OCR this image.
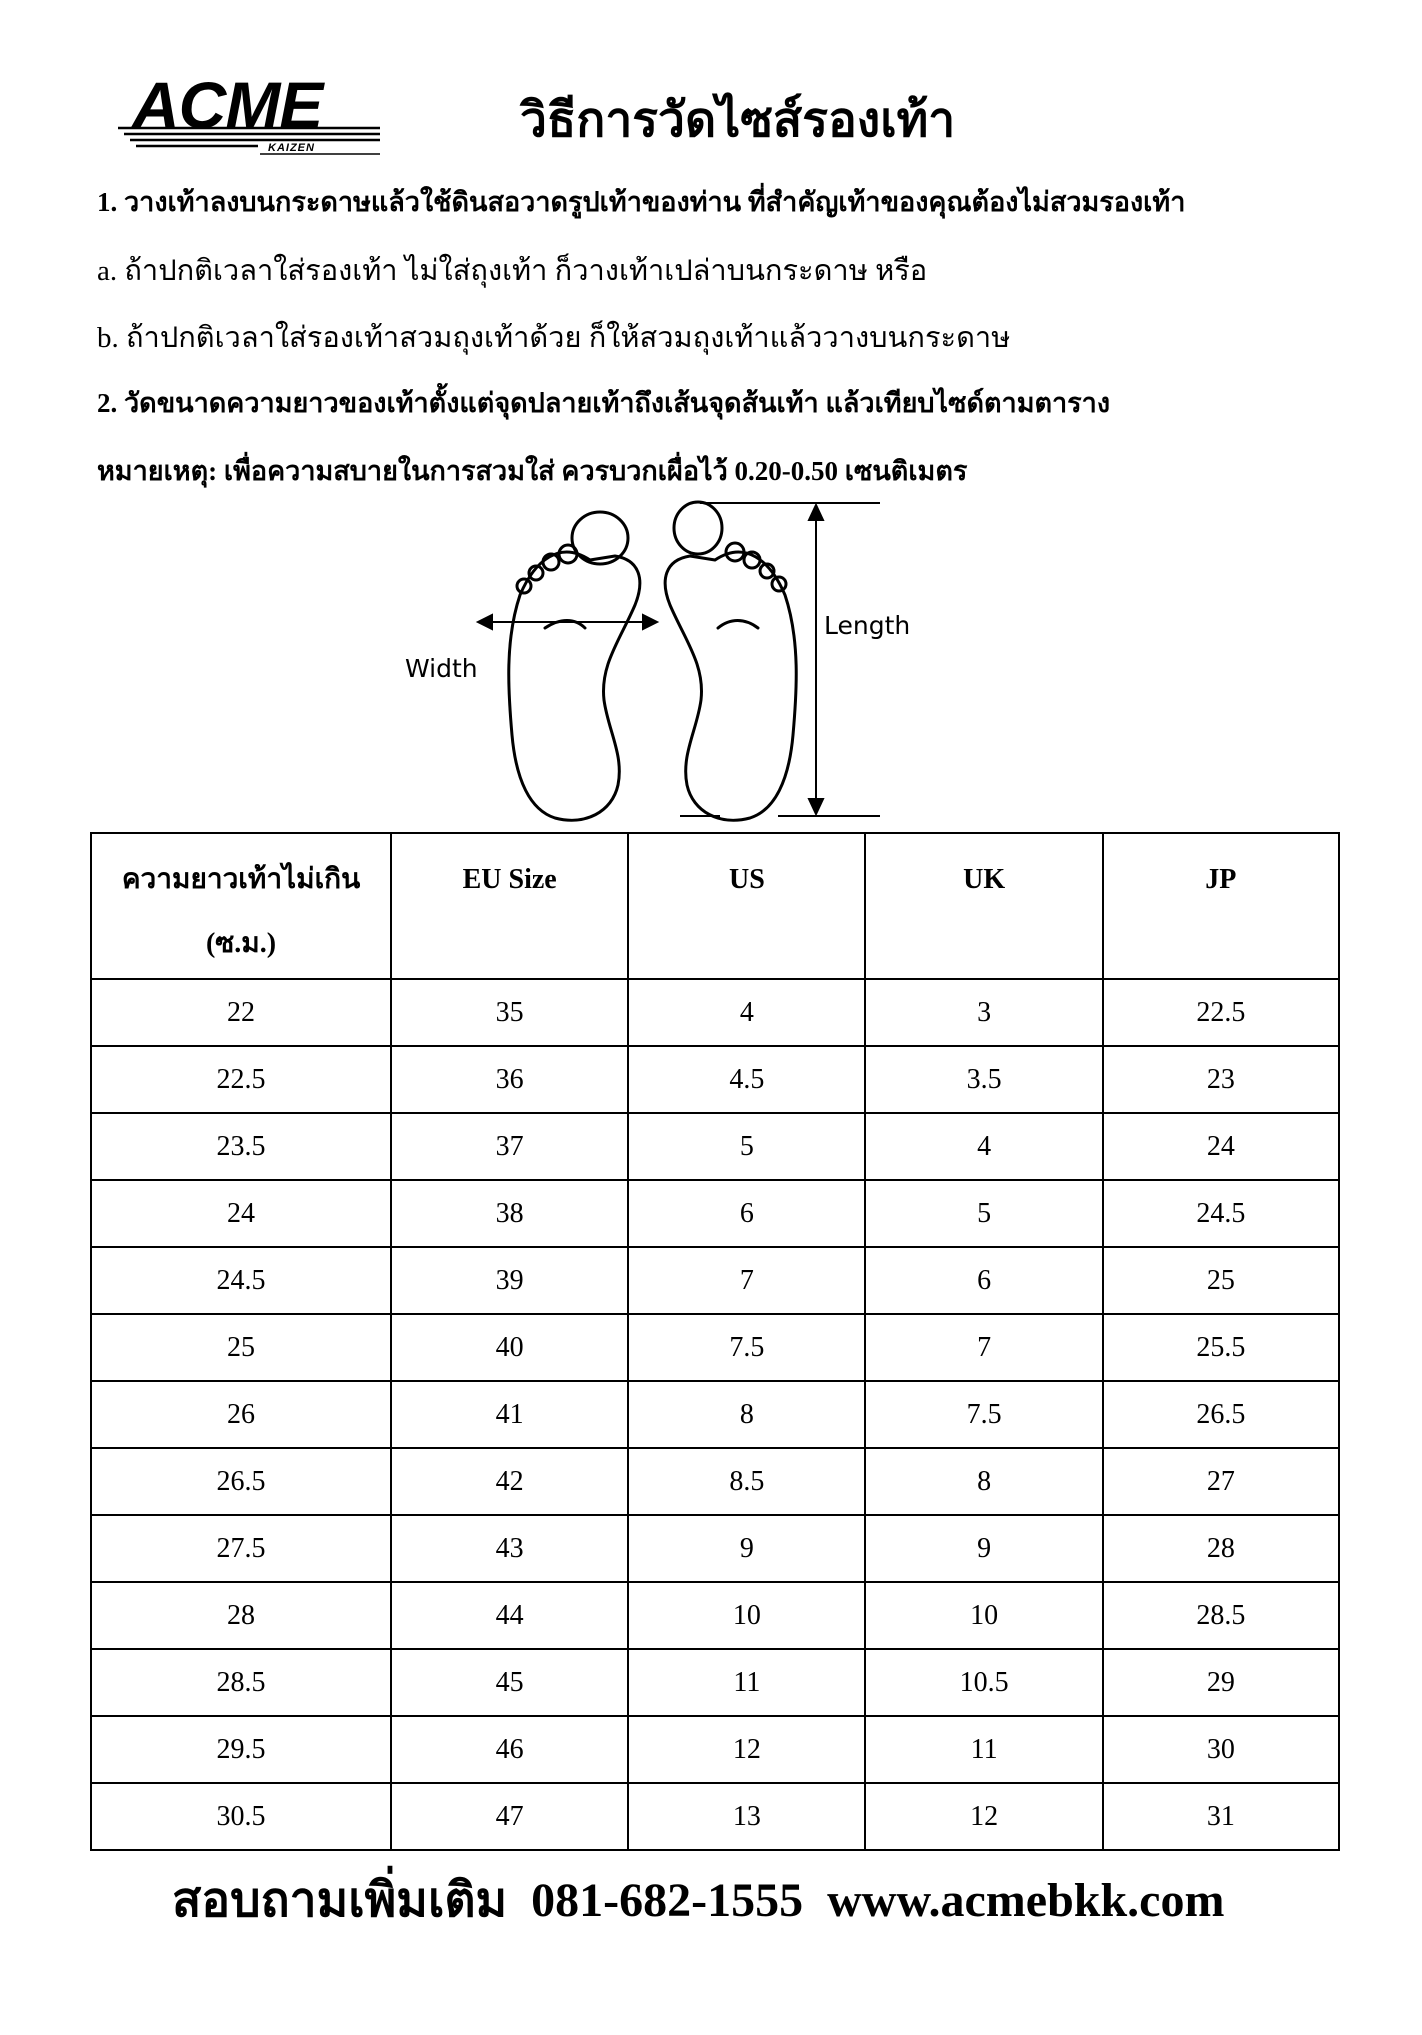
ACME
KAIZEN
วิธีการวัดไซส์รองเท้า
1. วางเท้าลงบนกระดาษแล้วใช้ดินสอวาดรูปเท้าของท่าน ที่สำคัญเท้าของคุณต้องไม่สวมรองเท้า
a. ถ้าปกติเวลาใส่รองเท้า ไม่ใส่ถุงเท้า ก็วางเท้าเปล่าบนกระดาษ หรือ
b. ถ้าปกติเวลาใส่รองเท้าสวมถุงเท้าด้วย ก็ให้สวมถุงเท้าแล้ววางบนกระดาษ
2. วัดขนาดความยาวของเท้าตั้งแต่จุดปลายเท้าถึงเส้นจุดส้นเท้า แล้วเทียบไซด์ตามตาราง
หมายเหตุ: เพื่อความสบายในการสวมใส่ ควรบวกเผื่อไว้ 0.20-0.50 เซนติเมตร
Width
Length
ความยาวเท้าไม่เกิน
(ซ.ม.)	EU Size	US	UK	JP
22	35	4	3	22.5
22.5	36	4.5	3.5	23
23.5	37	5	4	24
24	38	6	5	24.5
24.5	39	7	6	25
25	40	7.5	7	25.5
26	41	8	7.5	26.5
26.5	42	8.5	8	27
27.5	43	9	9	28
28	44	10	10	28.5
28.5	45	11	10.5	29
29.5	46	12	11	30
30.5	47	13	12	31
สอบถามเพิ่มเติม 081-682-1555 www.acmebkk.com
